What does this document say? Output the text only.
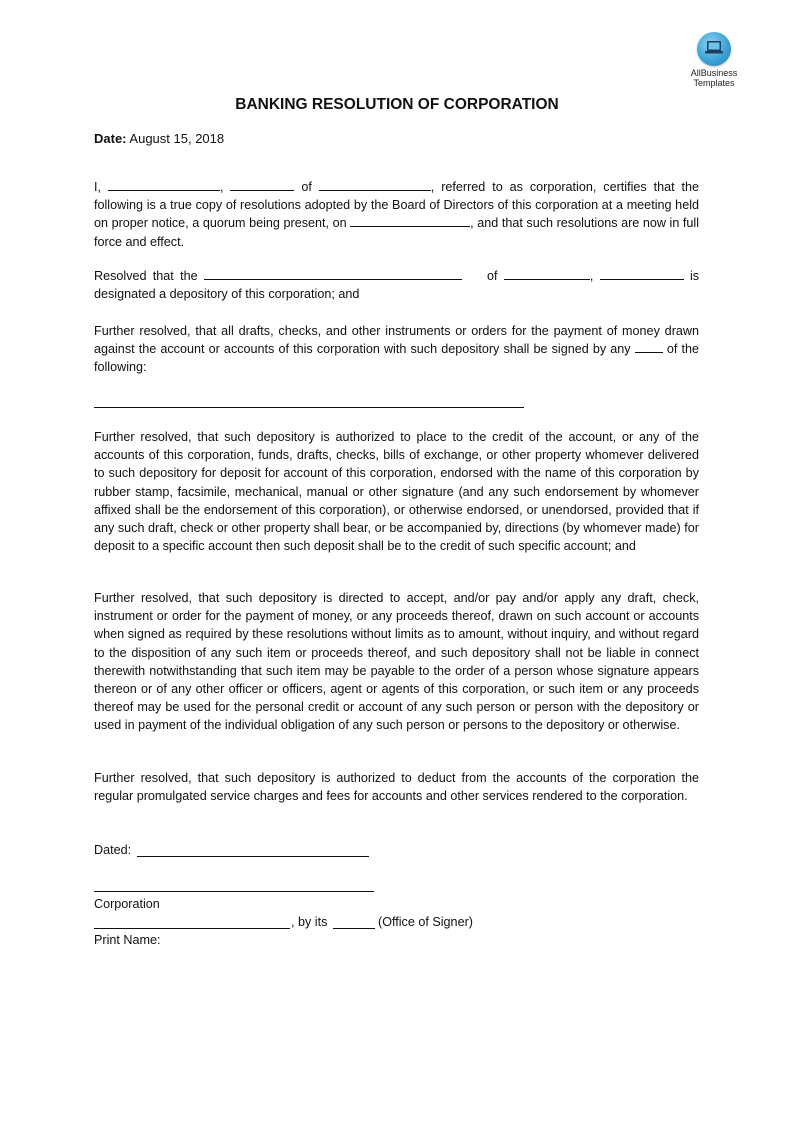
AllBusiness
Templates
BANKING RESOLUTION OF CORPORATION
Date: August 15, 2018
I,	,	of	, referred to as corporation, certifies that the following is a true copy of resolutions adopted by the Board of Directors of this corporation at a meeting held on proper notice, a quorum being present, on	, and that such resolutions are now in full force and effect.
Resolved that the	of	,	is designated a depository of this corporation; and
Further resolved, that all drafts, checks, and other instruments or orders for the payment of money drawn against the account or accounts of this corporation with such depository shall be signed by any	of the following:
Further resolved, that such depository is authorized to place to the credit of the account, or any of the accounts of this corporation, funds, drafts, checks, bills of exchange, or other property whomever delivered to such depository for deposit for account of this corporation, endorsed with the name of this corporation by rubber stamp, facsimile, mechanical, manual or other signature (and any such endorsement by whomever affixed shall be the endorsement of this corporation), or otherwise endorsed, or unendorsed, provided that if any such draft, check or other property shall bear, or be accompanied by, directions (by whomever made) for deposit to a specific account then such deposit shall be to the credit of such specific account; and
Further resolved, that such depository is directed to accept, and/or pay and/or apply any draft, check, instrument or order for the payment of money, or any proceeds thereof, drawn on such account or accounts when signed as required by these resolutions without limits as to amount, without inquiry, and without regard to the disposition of any such item or proceeds thereof, and such depository shall not be liable in connect therewith notwithstanding that such item may be payable to the order of a person whose signature appears thereon or of any other officer or officers, agent or agents of this corporation, or such item or any proceeds thereof may be used for the personal credit or account of any such person or person with the depository or used in payment of the individual obligation of any such person or persons to the depository or otherwise.
Further resolved, that such depository is authorized to deduct from the accounts of the corporation the regular promulgated service charges and fees for accounts and other services rendered to the corporation.
Dated:
Corporation
, by its	(Office of Signer)
Print Name:
